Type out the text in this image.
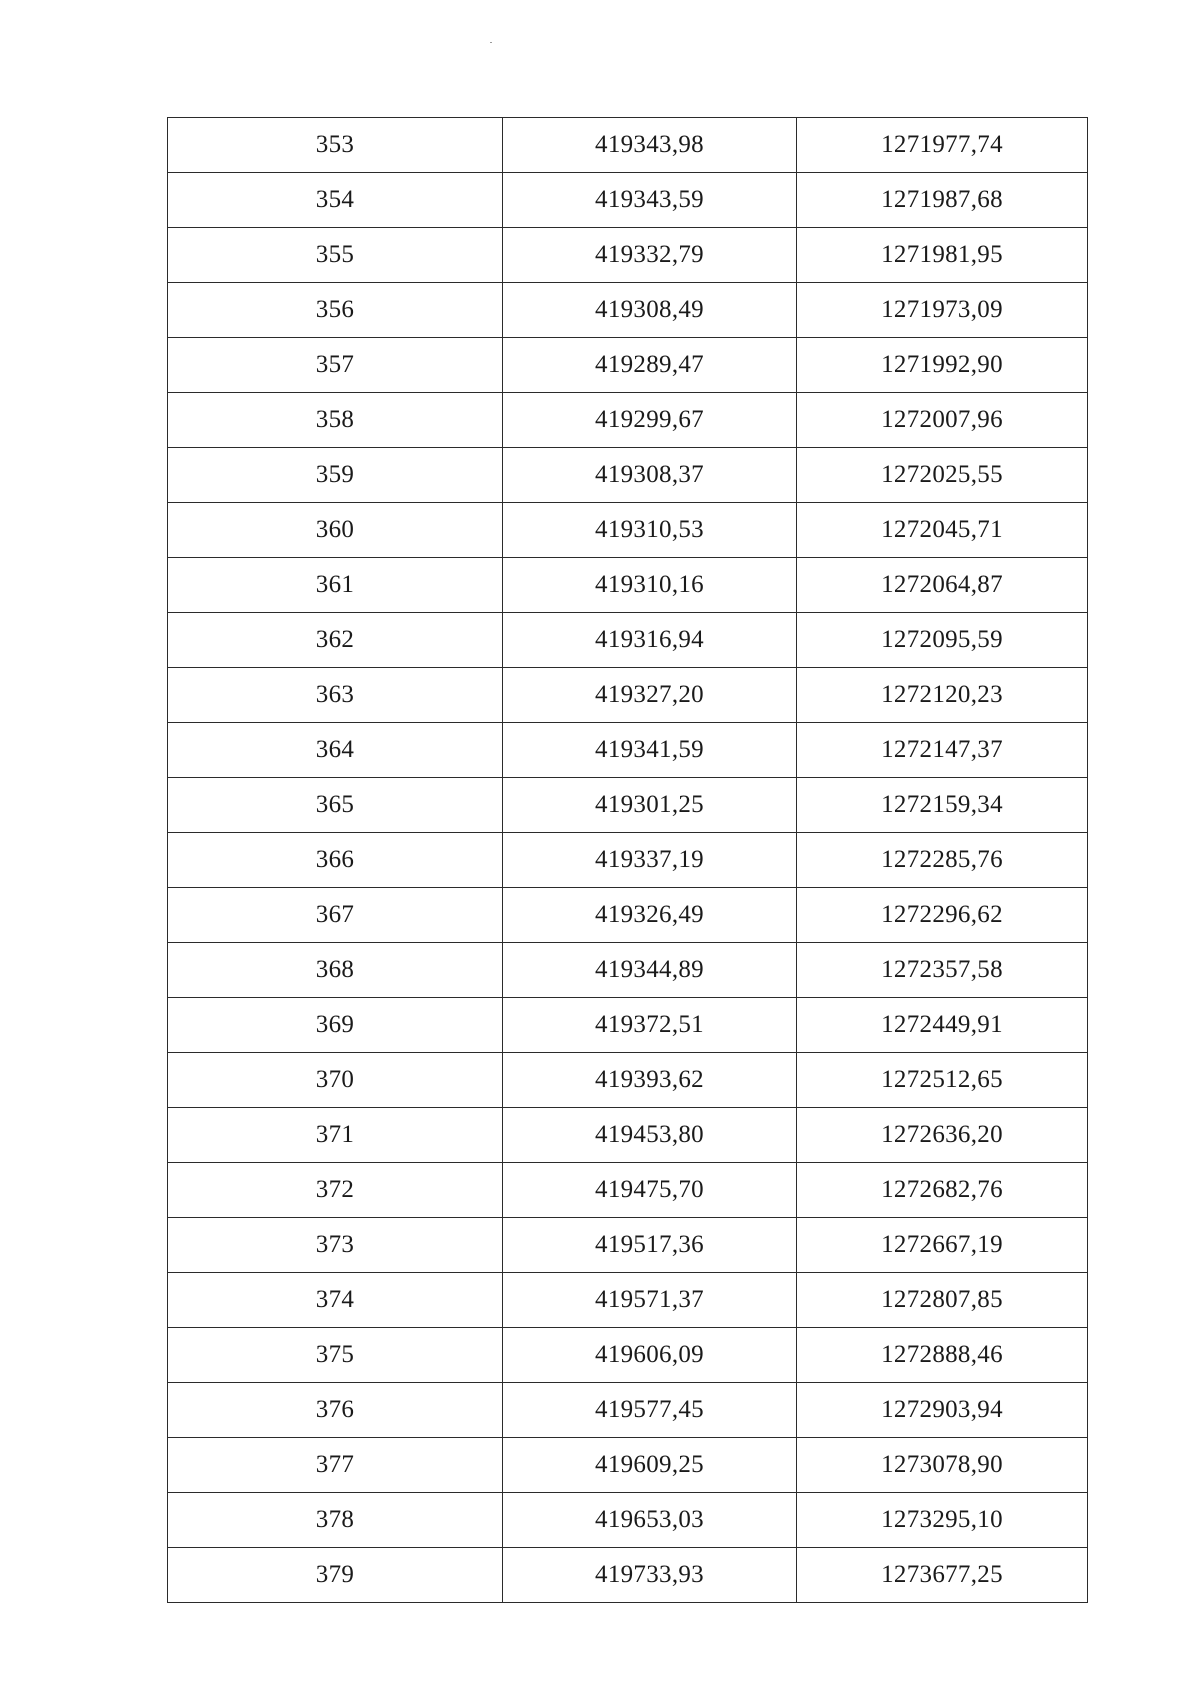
353	419343,98	1271977,74
354	419343,59	1271987,68
355	419332,79	1271981,95
356	419308,49	1271973,09
357	419289,47	1271992,90
358	419299,67	1272007,96
359	419308,37	1272025,55
360	419310,53	1272045,71
361	419310,16	1272064,87
362	419316,94	1272095,59
363	419327,20	1272120,23
364	419341,59	1272147,37
365	419301,25	1272159,34
366	419337,19	1272285,76
367	419326,49	1272296,62
368	419344,89	1272357,58
369	419372,51	1272449,91
370	419393,62	1272512,65
371	419453,80	1272636,20
372	419475,70	1272682,76
373	419517,36	1272667,19
374	419571,37	1272807,85
375	419606,09	1272888,46
376	419577,45	1272903,94
377	419609,25	1273078,90
378	419653,03	1273295,10
379	419733,93	1273677,25
